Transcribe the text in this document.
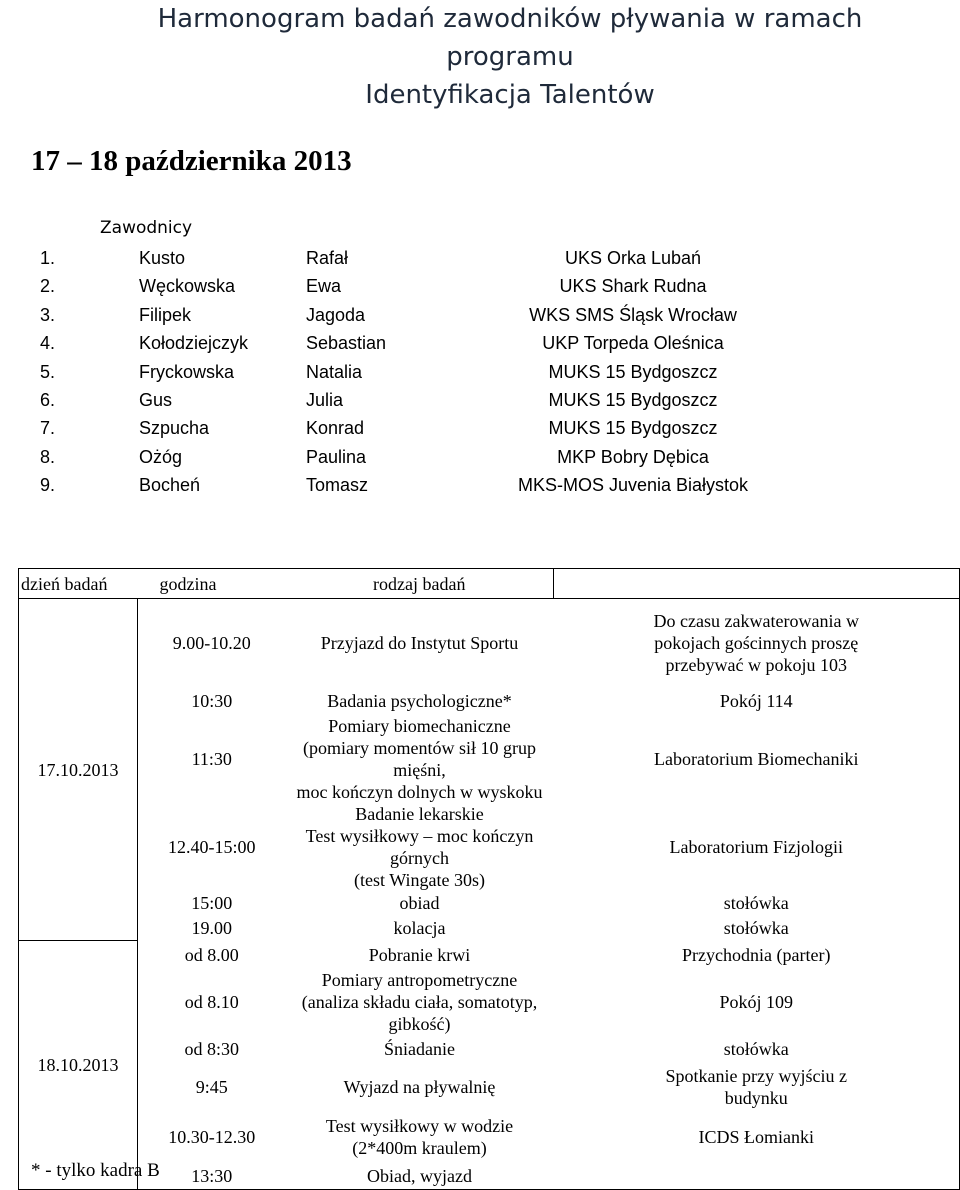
Harmonogram badań zawodników pływania w ramach
programu
Identyfikacja Talentów
17 – 18 października 2013
Zawodnicy
1.	Kusto	Rafał	UKS Orka Lubań
2.	Węckowska	Ewa	UKS Shark Rudna
3.	Filipek	Jagoda	WKS SMS Śląsk Wrocław
4.	Kołodziejczyk	Sebastian	UKP Torpeda Oleśnica
5.	Fryckowska	Natalia	MUKS 15 Bydgoszcz
6.	Gus	Julia	MUKS 15 Bydgoszcz
7.	Szpucha	Konrad	MUKS 15 Bydgoszcz
8.	Ożóg	Paulina	MKP Bobry Dębica
9.	Bocheń	Tomasz	MKS-MOS Juvenia Białystok
dzień badań	godzina	rodzaj badań	
17.10.2013	9.00-10.20	Przyjazd do Instytut Sportu	Do czasu zakwaterowania w
pokojach gościnnych proszę
przebywać w pokoju 103

	10:30	Badania psychologiczne*	Pokój 114

	11:30	Pomiary biomechaniczne
(pomiary momentów sił 10 grup mięśni,
moc kończyn dolnych w wyskoku	Laboratorium Biomechaniki

	12.40-15:00	Badanie lekarskie
Test wysiłkowy – moc kończyn górnych
(test Wingate 30s)	Laboratorium Fizjologii

	15:00	obiad	stołówka

	19.00	kolacja	stołówka

18.10.2013	od 8.00	Pobranie krwi	Przychodnia (parter)

	od 8.10	Pomiary antropometryczne
(analiza składu ciała, somatotyp, gibkość)	Pokój 109

	od 8:30	Śniadanie	stołówka

	9:45	Wyjazd na pływalnię	Spotkanie przy wyjściu z
budynku

	10.30-12.30	Test wysiłkowy w wodzie
(2*400m kraulem)	ICDS Łomianki

	13:30	Obiad, wyjazd	

* - tylko kadra B
